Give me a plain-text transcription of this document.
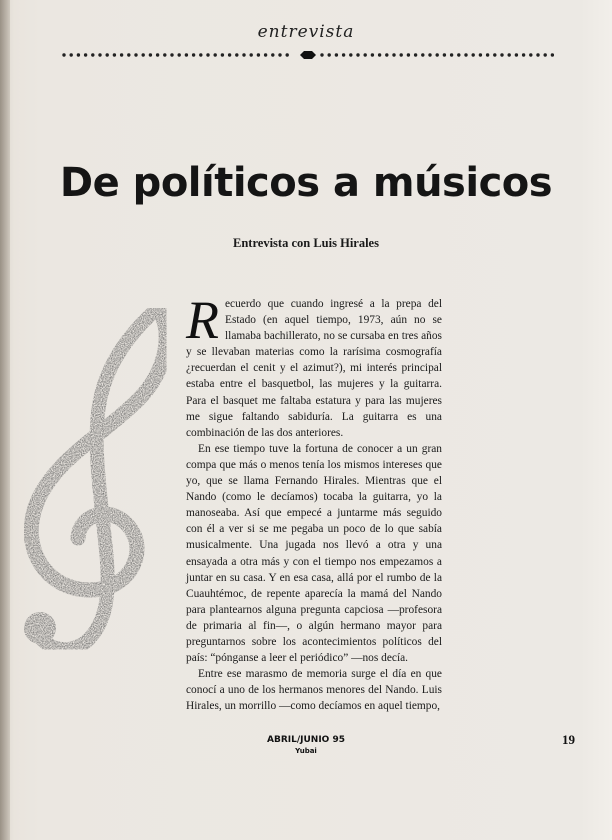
entrevista
De políticos a músicos
Entrevista con Luis Hirales

Recuerdo que cuando ingresé a la prepa del Estado (en aquel tiempo, 1973, aún no se llamaba bachillerato, no se cursaba en tres años y se llevaban materias como la rarísima cosmografía ¿recuerdan el cenit y el azimut?), mi interés principal estaba entre el basquetbol, las mujeres y la guitarra. Para el basquet me faltaba estatura y para las mujeres me sigue faltando sabiduría. La guitarra es una combinación de las dos anteriores.

En ese tiempo tuve la fortuna de conocer a un gran compa que más o menos tenía los mismos intereses que yo, que se llama Fernando Hirales. Mientras que el Nando (como le decíamos) tocaba la guitarra, yo la manoseaba. Así que empecé a juntarme más seguido con él a ver si se me pegaba un poco de lo que sabía musicalmente. Una jugada nos llevó a otra y una ensayada a otra más y con el tiempo nos empezamos a juntar en su casa. Y en esa casa, allá por el rumbo de la Cuauhtémoc, de repente aparecía la mamá del Nando para plantearnos alguna pregunta capciosa —profesora de primaria al fin—, o algún hermano mayor para preguntarnos sobre los acontecimientos políticos del país: “pónganse a leer el periódico” —nos decía.

Entre ese marasmo de memoria surge el día en que conocí a uno de los hermanos menores del Nando. Luis Hirales, un morrillo —como decíamos en aquel tiempo,

ABRIL/JUNIO 95
Yubai
19
